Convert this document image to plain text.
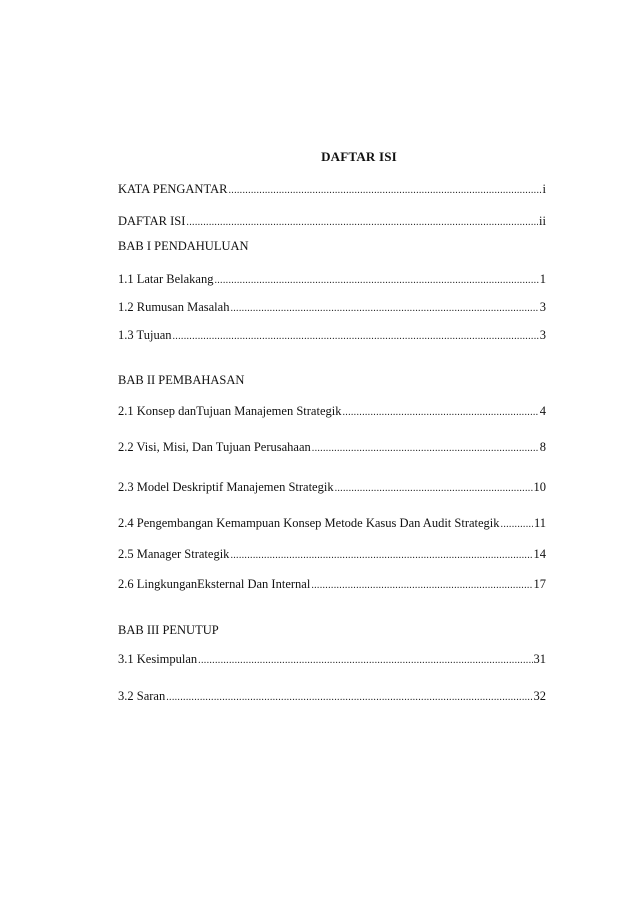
DAFTAR ISI
KATA PENGANTAR .....	i
DAFTAR ISI .....	ii
BAB I PENDAHULUAN
1.1 Latar Belakang .....	1
1.2 Rumusan Masalah .....	3
1.3 Tujuan .....	3
BAB II PEMBAHASAN
2.1 Konsep danTujuan Manajemen Strategik .....	4
2.2 Visi, Misi, Dan Tujuan Perusahaan .....	8
2.3 Model Deskriptif Manajemen Strategik .....	10
2.4 Pengembangan Kemampuan Konsep Metode Kasus Dan Audit Strategik .....	11
2.5 Manager Strategik .....	14
2.6 LingkunganEksternal Dan Internal .....	17
BAB III PENUTUP
3.1 Kesimpulan .....	31
3.2 Saran .....	32
